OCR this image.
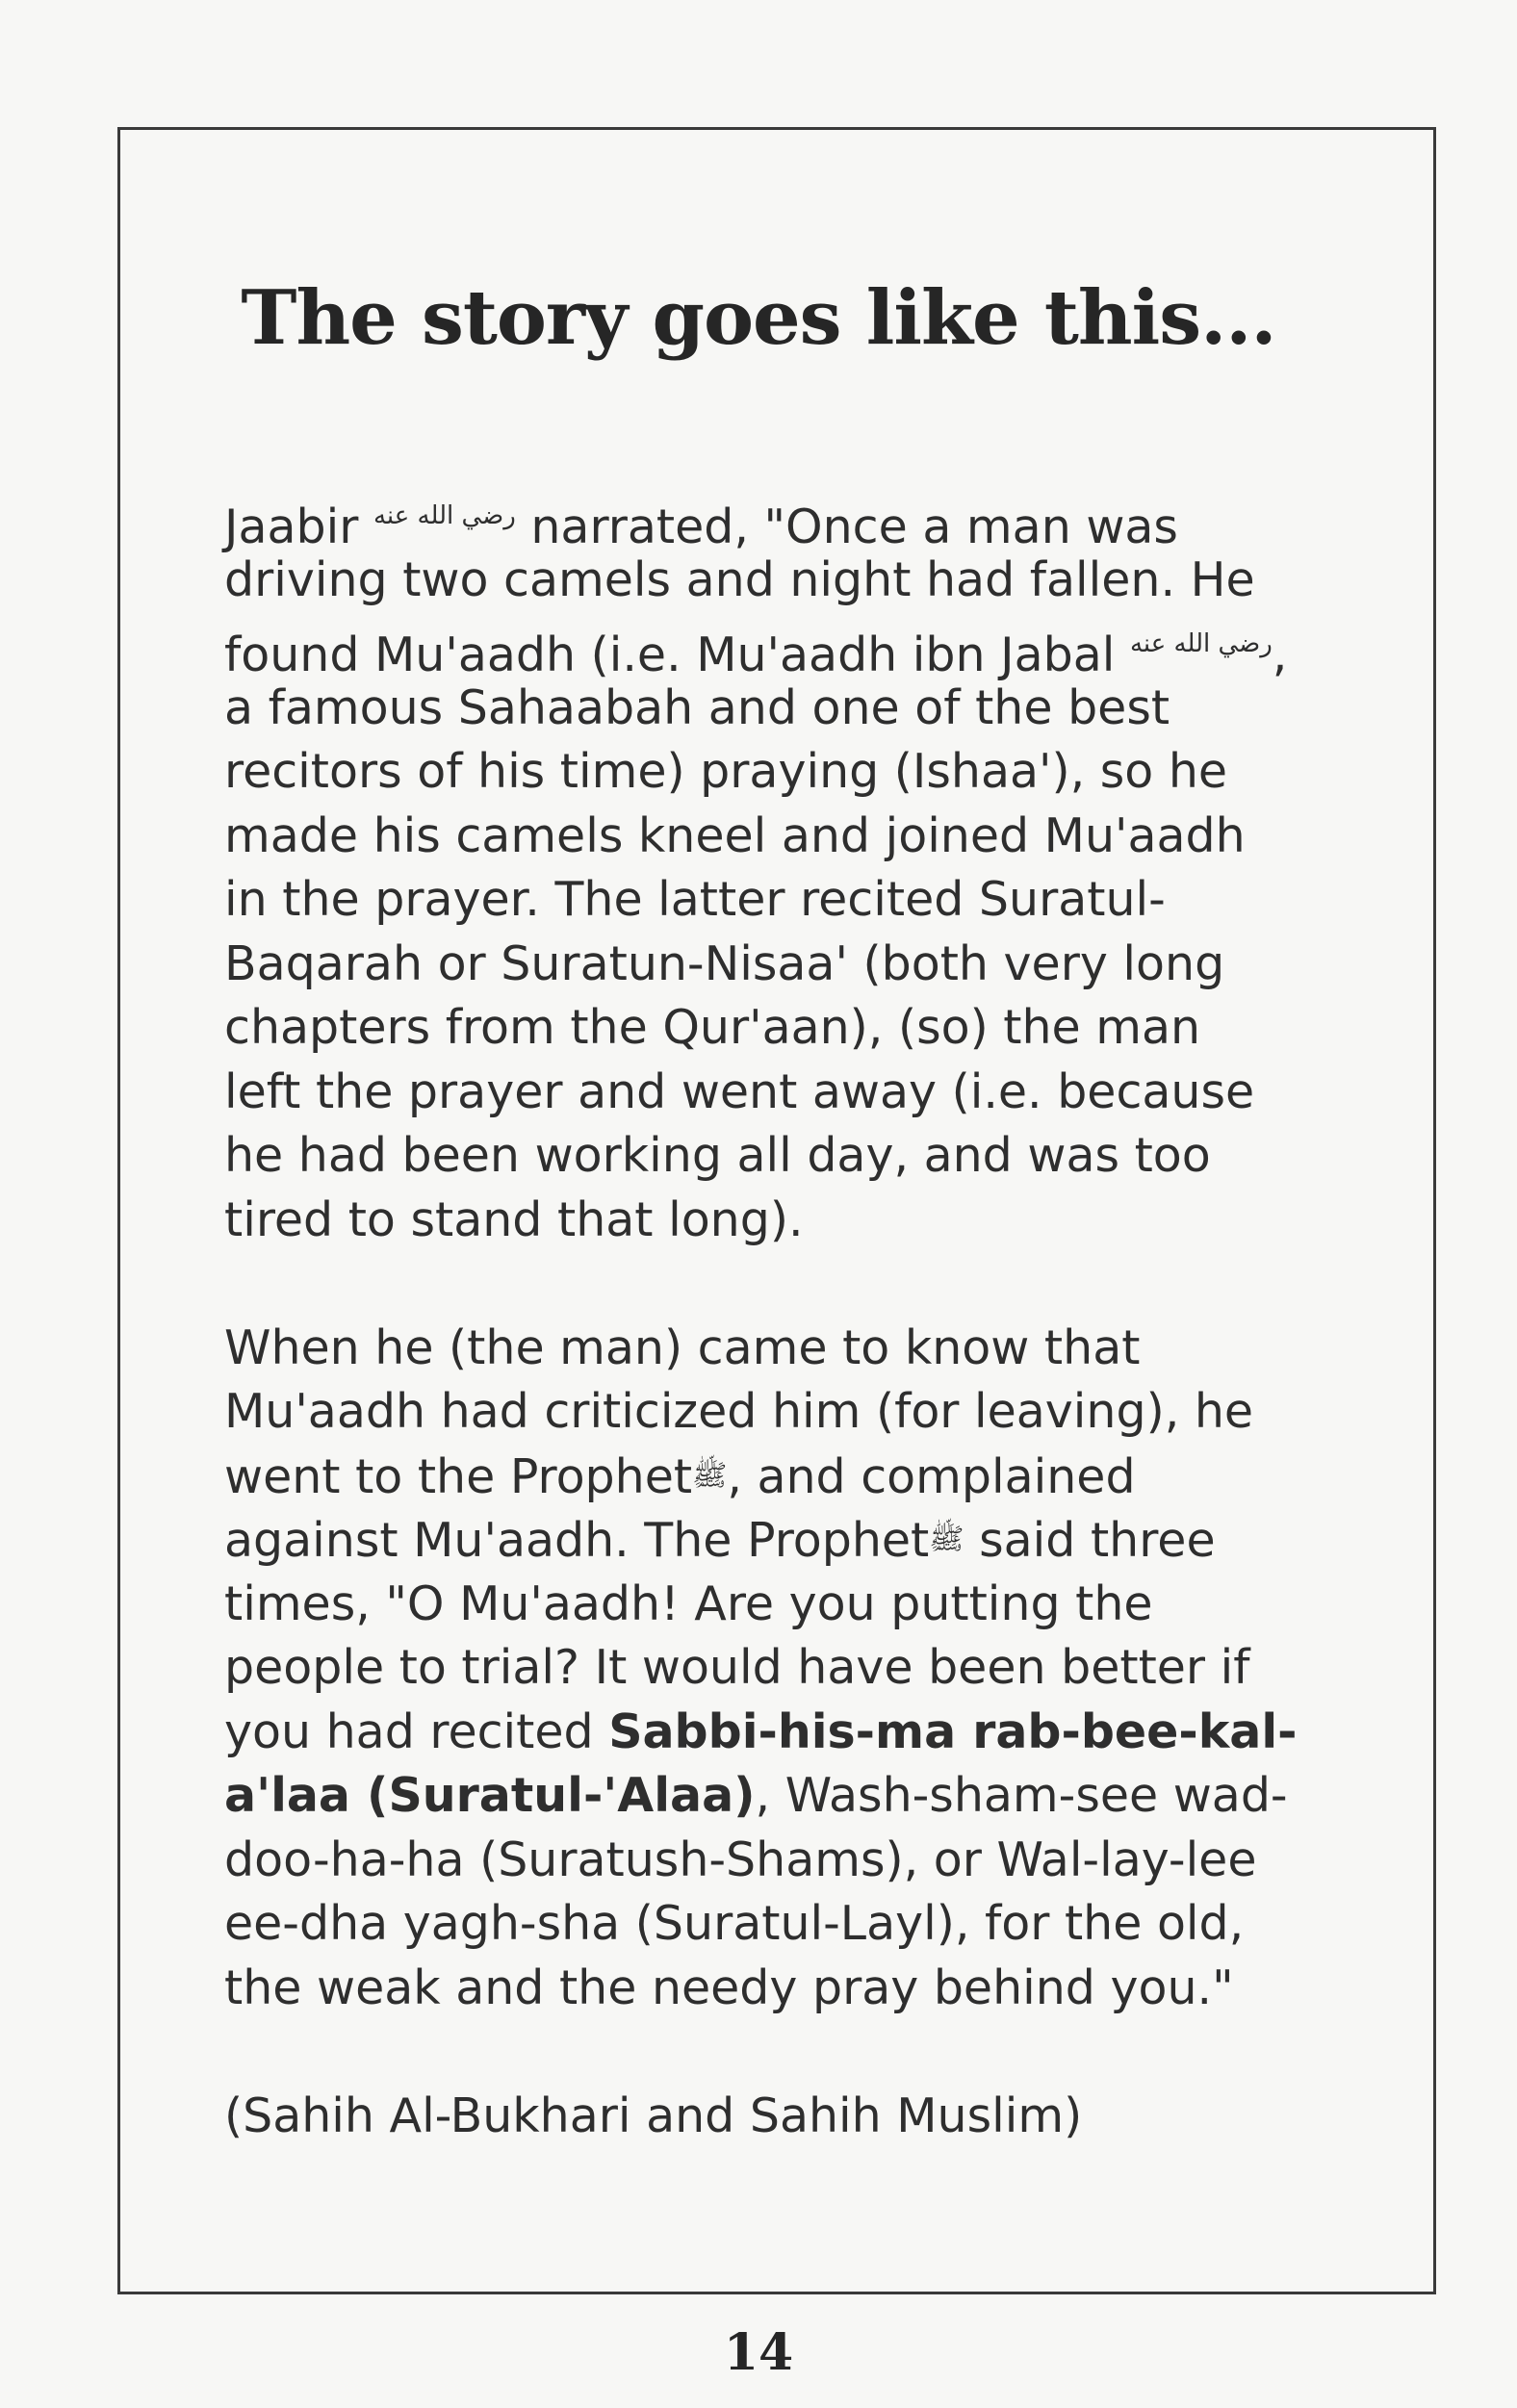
The story goes like this...
Jaabir $^{رضي الله عنه}$ narrated, "Once a man was
driving two camels and night had fallen. He
found Mu'aadh (i.e. Mu'aadh ibn Jabal $^{رضي الله عنه}$,
a famous Sahaabah and one of the best
recitors of his time) praying (Ishaa'), so he
made his camels kneel and joined Mu'aadh
in the prayer. The latter recited Suratul-
Baqarah or Suratun-Nisaa' (both very long
chapters from the Qur'aan), (so) the man
left the prayer and went away (i.e. because
he had been working all day, and was too
tired to stand that long).
When he (the man) came to know that
Mu'aadh had criticized him (for leaving), he
went to the Prophetﷺ, and complained
against Mu'aadh. The Prophetﷺ said three
times, "O Mu'aadh! Are you putting the
people to trial? It would have been better if
you had recited Sabbi-his-ma rab-bee-kal-
a'laa (Suratul-'Alaa), Wash-sham-see wad-
doo-ha-ha (Suratush-Shams), or Wal-lay-lee
ee-dha yagh-sha (Suratul-Layl), for the old,
the weak and the needy pray behind you."
(Sahih Al-Bukhari and Sahih Muslim)
14
